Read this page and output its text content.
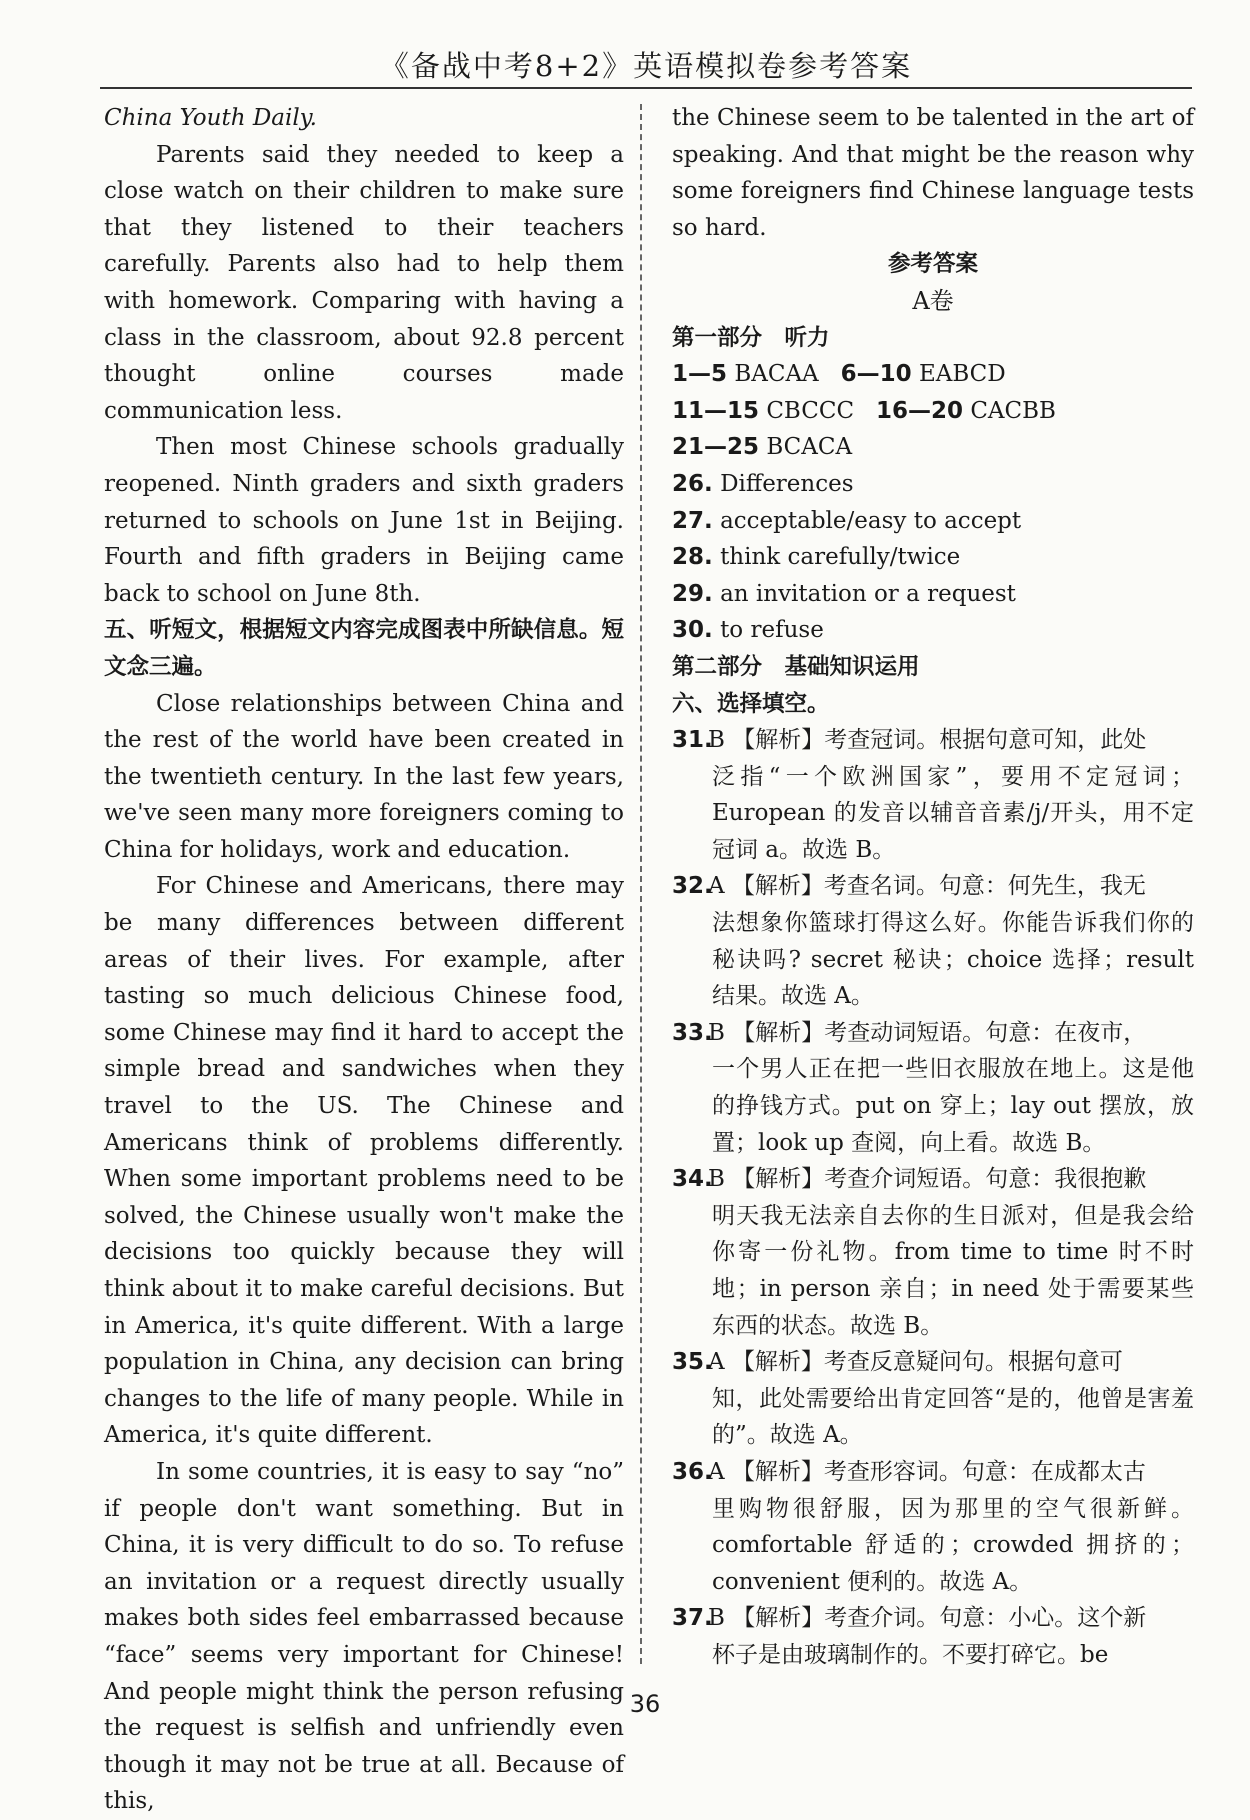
《备战中考8+2》英语模拟卷参考答案

China Youth Daily.

Parents said they needed to keep a close watch on their children to make sure that they listened to their teachers carefully. Parents also had to help them with homework. Comparing with having a class in the classroom, about 92.8 percent thought online courses made communication less.

Then most Chinese schools gradually reopened. Ninth graders and sixth graders returned to schools on June 1st in Beijing. Fourth and fifth graders in Beijing came back to school on June 8th.

五、听短文，根据短文内容完成图表中所缺信息。短文念三遍。

Close relationships between China and the rest of the world have been created in the twentieth century. In the last few years, we've seen many more foreigners coming to China for holidays, work and education.

For Chinese and Americans, there may be many differences between different areas of their lives. For example, after tasting so much delicious Chinese food, some Chinese may find it hard to accept the simple bread and sandwiches when they travel to the US. The Chinese and Americans think of problems differently. When some important problems need to be solved, the Chinese usually won't make the decisions too quickly because they will think about it to make careful decisions. But in America, it's quite different. With a large population in China, any decision can bring changes to the life of many people. While in America, it's quite different.

In some countries, it is easy to say “no” if people don't want something. But in China, it is very difficult to do so. To refuse an invitation or a request directly usually makes both sides feel embarrassed because “face” seems very important for Chinese! And people might think the person refusing the request is selfish and unfriendly even though it may not be true at all. Because of this,

the Chinese seem to be talented in the art of speaking. And that might be the reason why some foreigners find Chinese language tests so hard.

参考答案

A卷

第一部分　听力

1—5 BACAA 6—10 EABCD

11—15 CBCCC 16—20 CACBB

21—25 BCACA

26. Differences

27. acceptable/easy to accept

28. think carefully/twice

29. an invitation or a request

30. to refuse

第二部分　基础知识运用

六、选择填空。

31.B 【解析】考查冠词。根据句意可知，此处
泛指“一个欧洲国家”，要用不定冠词；European 的发音以辅音音素/j/开头，用不定冠词 a。故选 B。
32.A 【解析】考查名词。句意：何先生，我无
法想象你篮球打得这么好。你能告诉我们你的秘诀吗? secret 秘诀；choice 选择；result 结果。故选 A。
33.B 【解析】考查动词短语。句意：在夜市，
一个男人正在把一些旧衣服放在地上。这是他的挣钱方式。put on 穿上；lay out 摆放，放置；look up 查阅，向上看。故选 B。
34.B 【解析】考查介词短语。句意：我很抱歉
明天我无法亲自去你的生日派对，但是我会给你寄一份礼物。from time to time 时不时地；in person 亲自；in need 处于需要某些东西的状态。故选 B。
35.A 【解析】考查反意疑问句。根据句意可
知，此处需要给出肯定回答“是的，他曾是害羞的”。故选 A。
36.A 【解析】考查形容词。句意：在成都太古
里购物很舒服，因为那里的空气很新鲜。comfortable 舒适的；crowded 拥挤的；convenient 便利的。故选 A。
37.B 【解析】考查介词。句意：小心。这个新
杯子是由玻璃制作的。不要打碎它。be
36
